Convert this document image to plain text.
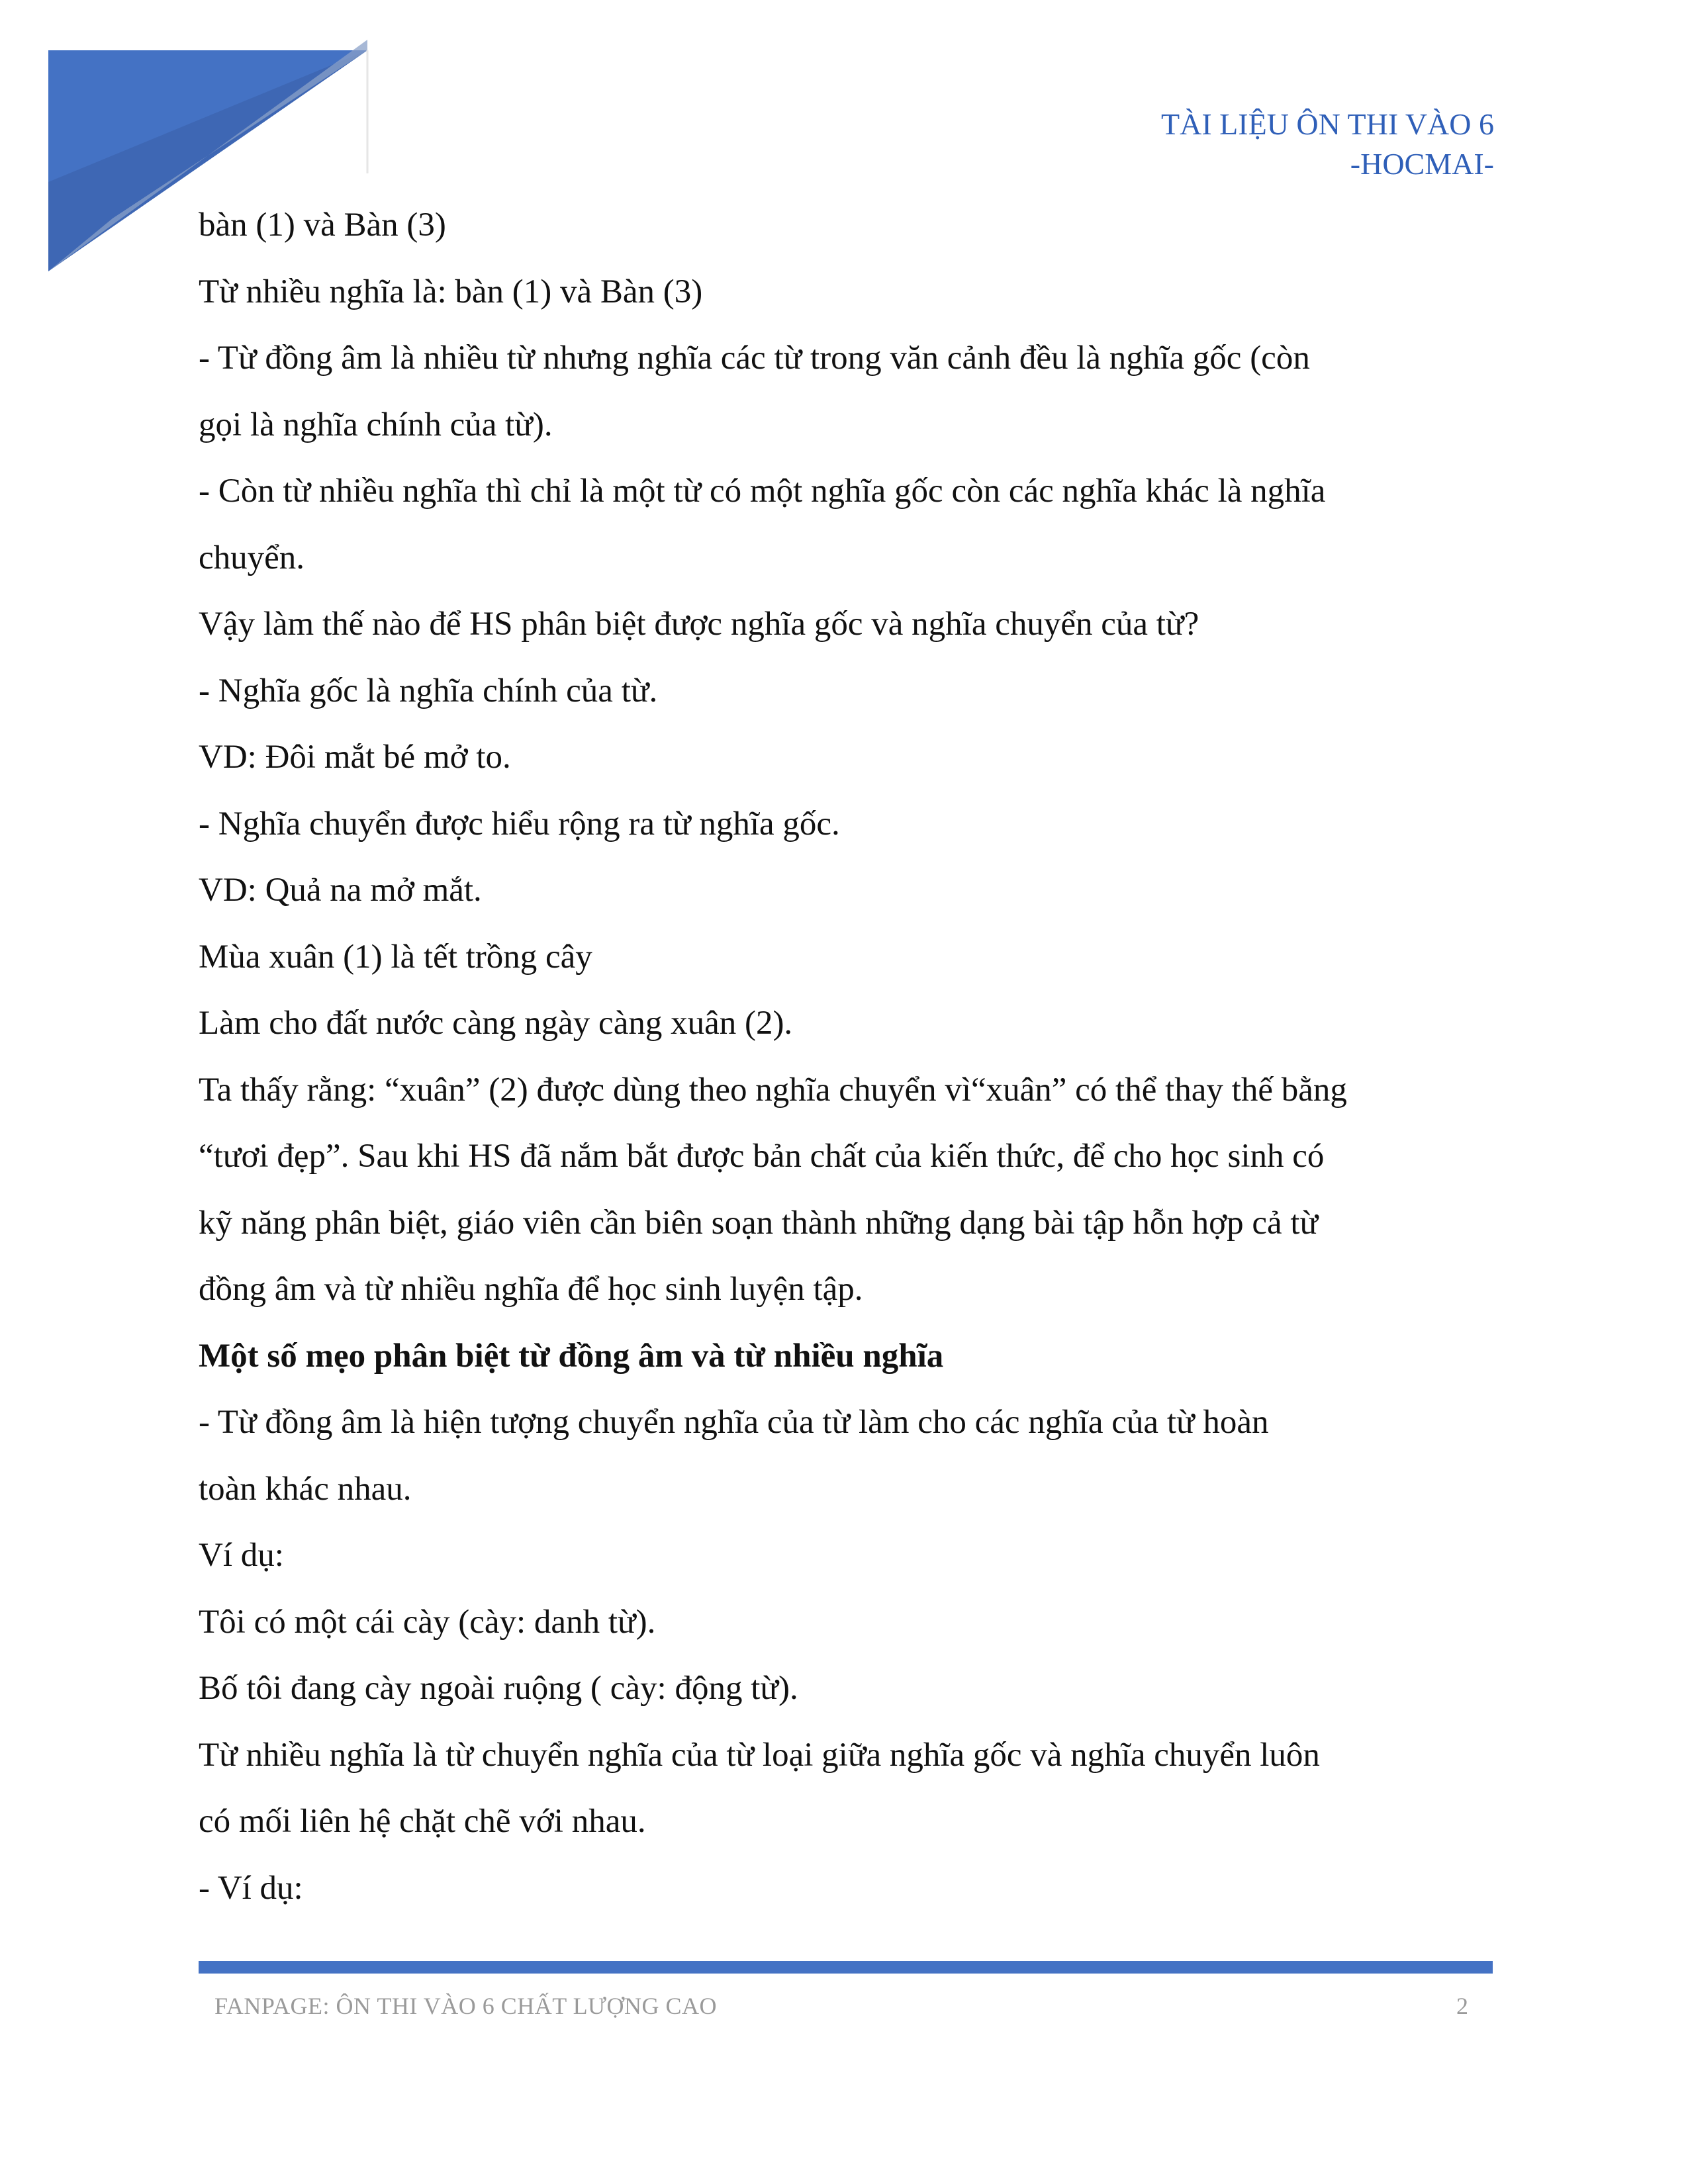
TÀI LIỆU ÔN THI VÀO 6
-HOCMAI-

bàn (1) và Bàn (3)

Từ nhiều nghĩa là: bàn (1) và Bàn (3)

- Từ đồng âm là nhiều từ nhưng nghĩa các từ trong văn cảnh đều là nghĩa gốc (còn

gọi là nghĩa chính của từ).

- Còn từ nhiều nghĩa thì chỉ là một từ có một nghĩa gốc còn các nghĩa khác là nghĩa

chuyển.

Vậy làm thế nào để HS phân biệt được nghĩa gốc và nghĩa chuyển của từ?

- Nghĩa gốc là nghĩa chính của từ.

VD: Đôi mắt bé mở to.

- Nghĩa chuyển được hiểu rộng ra từ nghĩa gốc.

VD: Quả na mở mắt.

Mùa xuân (1) là tết trồng cây

Làm cho đất nước càng ngày càng xuân (2).

Ta thấy rằng: “xuân” (2) được dùng theo nghĩa chuyển vì“xuân” có thể thay thế bằng

“tươi đẹp”. Sau khi HS đã nắm bắt được bản chất của kiến thức, để cho học sinh có

kỹ năng phân biệt, giáo viên cần biên soạn thành những dạng bài tập hỗn hợp cả từ

đồng âm và từ nhiều nghĩa để học sinh luyện tập.

Một số mẹo phân biệt từ đồng âm và từ nhiều nghĩa

- Từ đồng âm là hiện tượng chuyển nghĩa của từ làm cho các nghĩa của từ hoàn

toàn khác nhau.

Ví dụ:

Tôi có một cái cày (cày: danh từ).

Bố tôi đang cày ngoài ruộng ( cày: động từ).

Từ nhiều nghĩa là từ chuyển nghĩa của từ loại giữa nghĩa gốc và nghĩa chuyển luôn

có mối liên hệ chặt chẽ với nhau.

- Ví dụ:

FANPAGE: ÔN THI VÀO 6 CHẤT LƯỢNG CAO	2
